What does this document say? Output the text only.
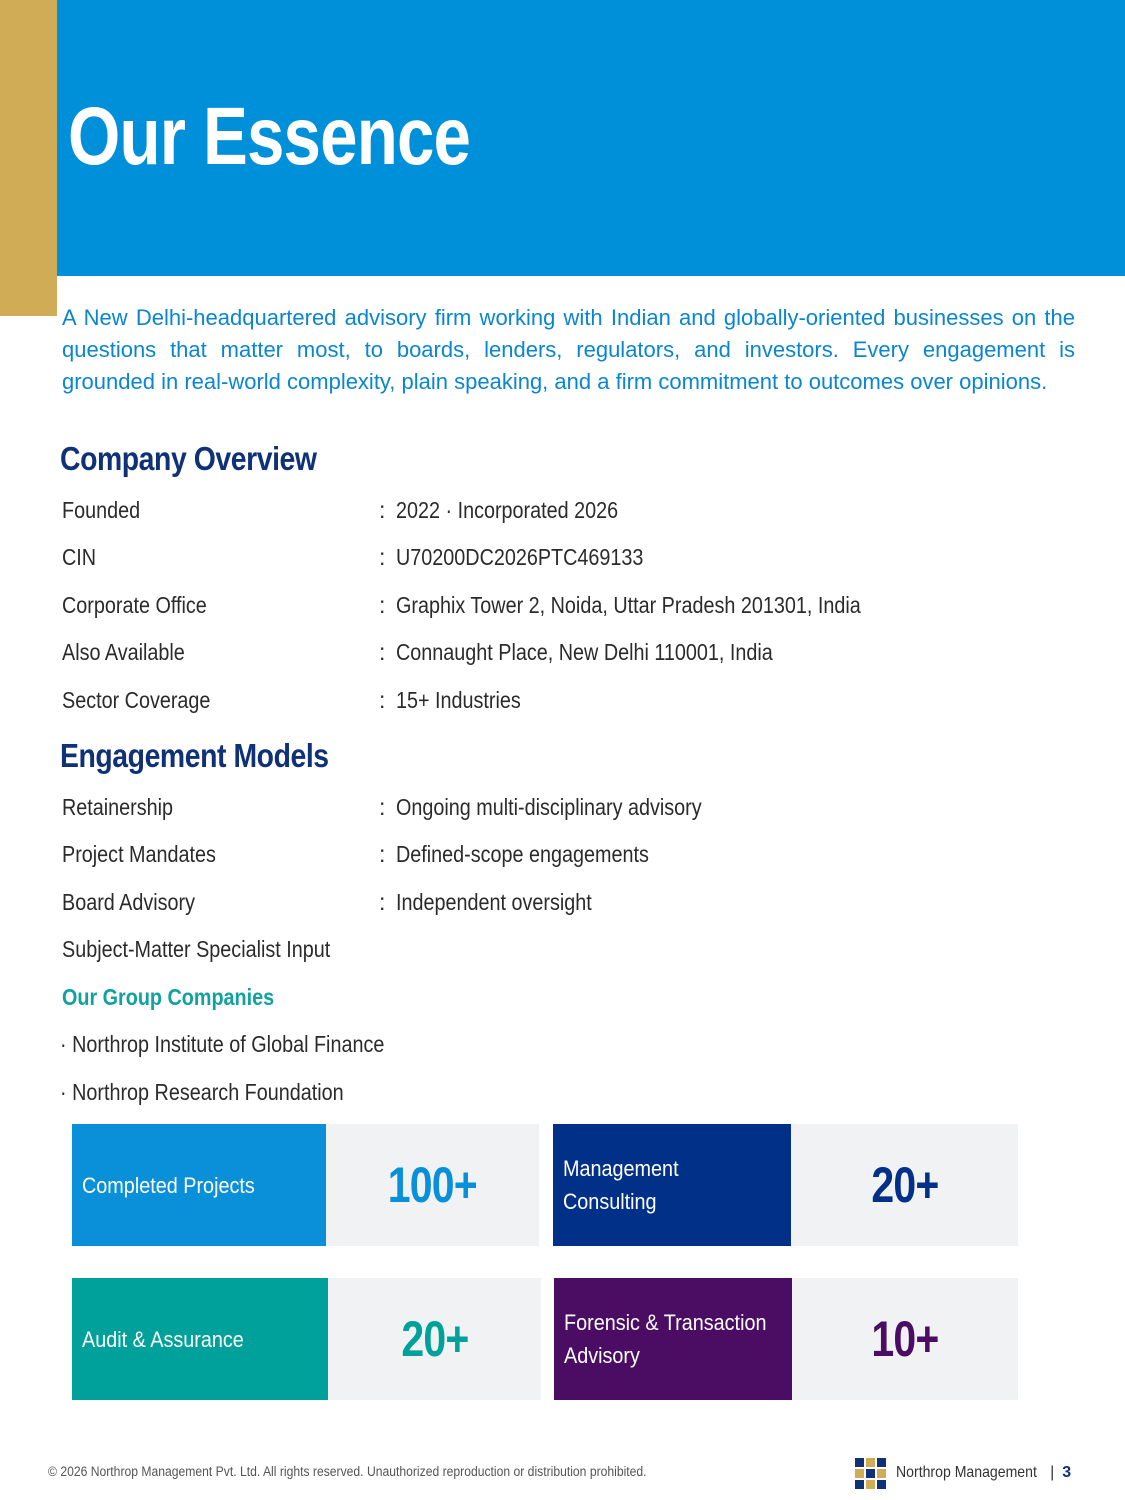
Our Essence

A New Delhi-headquartered advisory firm working with Indian and globally-oriented businesses on the questions that matter most, to boards, lenders, regulators, and investors. Every engagement is grounded in real-world complexity, plain speaking, and a firm commitment to outcomes over opinions.

Company Overview
Founded	: 2022 · Incorporated 2026
CIN	: U70200DC2026PTC469133
Corporate Office	: Graphix Tower 2, Noida, Uttar Pradesh 201301, India
Also Available	: Connaught Place, New Delhi 110001, India
Sector Coverage	: 15+ Industries
Engagement Models
Retainership	: Ongoing multi-disciplinary advisory
Project Mandates	: Defined-scope engagements
Board Advisory	: Independent oversight
Subject-Matter Specialist Input
Our Group Companies
· Northrop Institute of Global Finance
· Northrop Research Foundation
Completed Projects	100+	Management Consulting	20+
Audit & Assurance	20+	Forensic & Transaction Advisory	10+
© 2026 Northrop Management Pvt. Ltd. All rights reserved. Unauthorized reproduction or distribution prohibited.	Northrop Management | 3
